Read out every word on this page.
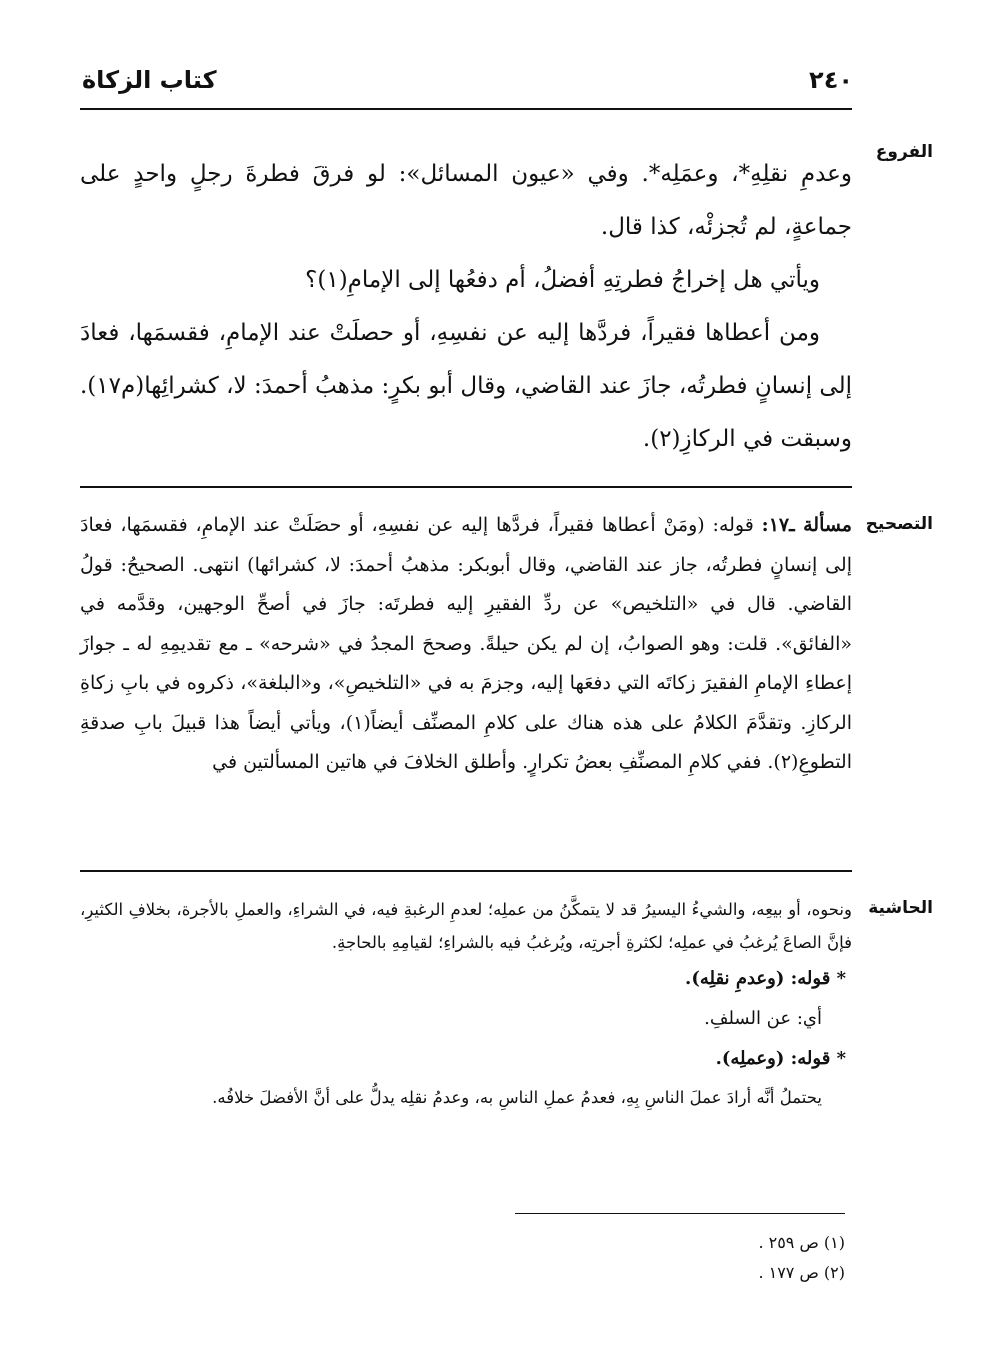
٢٤٠
كتاب الزكاة
الفروع

وعدمِ نقلِهِ*، وعمَلِه*. وفي «عيون المسائل»: لو فرقَ فطرةَ رجلٍ واحدٍ على جماعةٍ، لم تُجزئْه، كذا قال.

ويأتي هل إخراجُ فطرتِهِ أفضلُ، أم دفعُها إلى الإمامِ(١)؟

ومن أعطاها فقيراً، فردَّها إليه عن نفسِهِ، أو حصلَتْ عند الإمامِ، فقسمَها، فعادَ إلى إنسانٍ فطرتُه، جازَ عند القاضي، وقال أبو بكرٍ: مذهبُ أحمدَ: لا، كشرائِها(م١٧). وسبقت في الركازِ(٢).

التصحيح

مسألة ـ١٧: قوله: (ومَنْ أعطاها فقيراً، فردَّها إليه عن نفسِهِ، أو حصَلَتْ عند الإمامِ، فقسمَها، فعادَ إلى إنسانٍ فطرتُه، جاز عند القاضي، وقال أبوبكر: مذهبُ أحمدَ: لا، كشرائها) انتهى. الصحيحُ: قولُ القاضي. قال في «التلخيص» عن ردِّ الفقيرِ إليه فطرتَه: جازَ في أصحِّ الوجهين، وقدَّمه في «الفائق». قلت: وهو الصوابُ، إن لم يكن حيلةً. وصححَ المجدُ في «شرحه» ـ مع تقديمِهِ له ـ جوازَ إعطاءِ الإمامِ الفقيرَ زكاتَه التي دفعَها إليه، وجزمَ به في «التلخيصِ»، و«البلغة»، ذكروه في بابِ زكاةِ الركازِ. وتقدَّمَ الكلامُ على هذه هناك على كلامِ المصنِّف أيضاً(١)، ويأتي أيضاً هذا قبيلَ بابِ صدقةِ التطوعِ(٢). ففي كلامِ المصنِّفِ بعضُ تكرارٍ. وأطلق الخلافَ في هاتين المسألتين في

الحاشية

ونحوه، أو بيعِه، والشيءُ اليسيرُ قد لا يتمكَّنُ من عملِه؛ لعدمِ الرغبةِ فيه، في الشراءِ، والعملِ بالأجرة، بخلافِ الكثيرِ، فإنَّ الصاعَ يُرغبُ في عملِه؛ لكثرةِ أجرتِه، ويُرغبُ فيه بالشراءِ؛ لقيامِهِ بالحاجةِ.

* قوله: (وعدمِ نقلِه).

أي: عن السلفِ.

* قوله: (وعملِه).

يحتملُ أنَّه أرادَ عملَ الناسِ بِهِ، فعدمُ عملِ الناسِ به، وعدمُ نقلِه يدلُّ على أنَّ الأفضلَ خلافُه.

(١) ص ٢٥٩ .

(٢) ص ١٧٧ .
